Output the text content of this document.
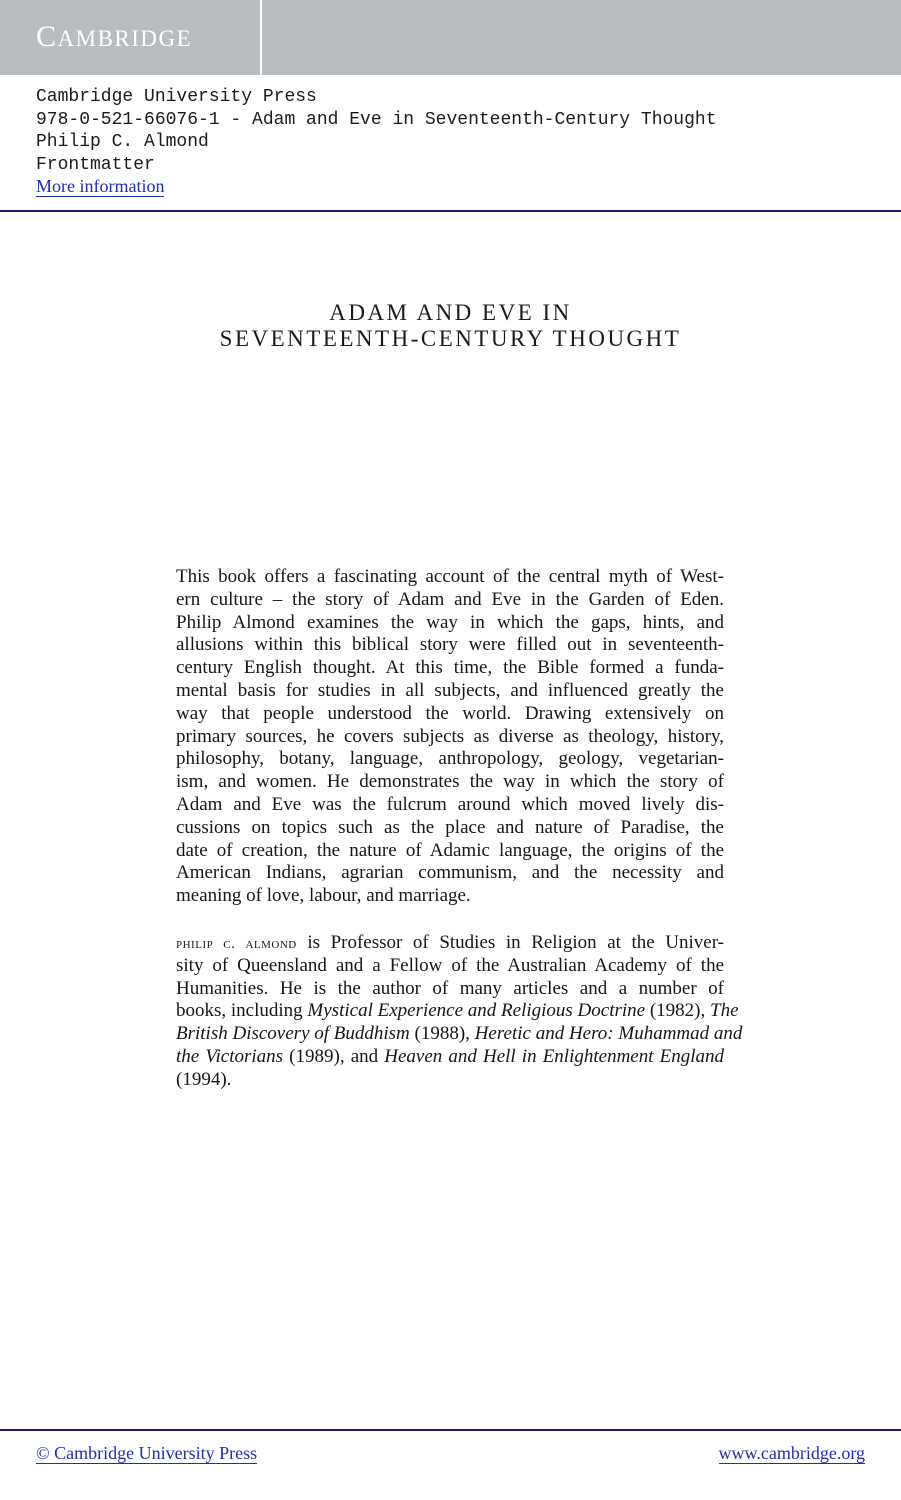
CAMBRIDGE
Cambridge University Press
978-0-521-66076-1 - Adam and Eve in Seventeenth-Century Thought
Philip C. Almond
Frontmatter
More information
ADAM AND EVE IN
SEVENTEENTH-CENTURY THOUGHT
This book offers a fascinating account of the central myth of West-
ern culture – the story of Adam and Eve in the Garden of Eden.
Philip Almond examines the way in which the gaps, hints, and
allusions within this biblical story were filled out in seventeenth-
century English thought. At this time, the Bible formed a funda-
mental basis for studies in all subjects, and influenced greatly the
way that people understood the world. Drawing extensively on
primary sources, he covers subjects as diverse as theology, history,
philosophy, botany, language, anthropology, geology, vegetarian-
ism, and women. He demonstrates the way in which the story of
Adam and Eve was the fulcrum around which moved lively dis-
cussions on topics such as the place and nature of Paradise, the
date of creation, the nature of Adamic language, the origins of the
American Indians, agrarian communism, and the necessity and
meaning of love, labour, and marriage.
philip c. almond is Professor of Studies in Religion at the Univer-
sity of Queensland and a Fellow of the Australian Academy of the
Humanities. He is the author of many articles and a number of
books, including Mystical Experience and Religious Doctrine (1982), The
British Discovery of Buddhism (1988), Heretic and Hero: Muhammad and
the Victorians (1989), and Heaven and Hell in Enlightenment England
(1994).
© Cambridge University Press	www.cambridge.org
